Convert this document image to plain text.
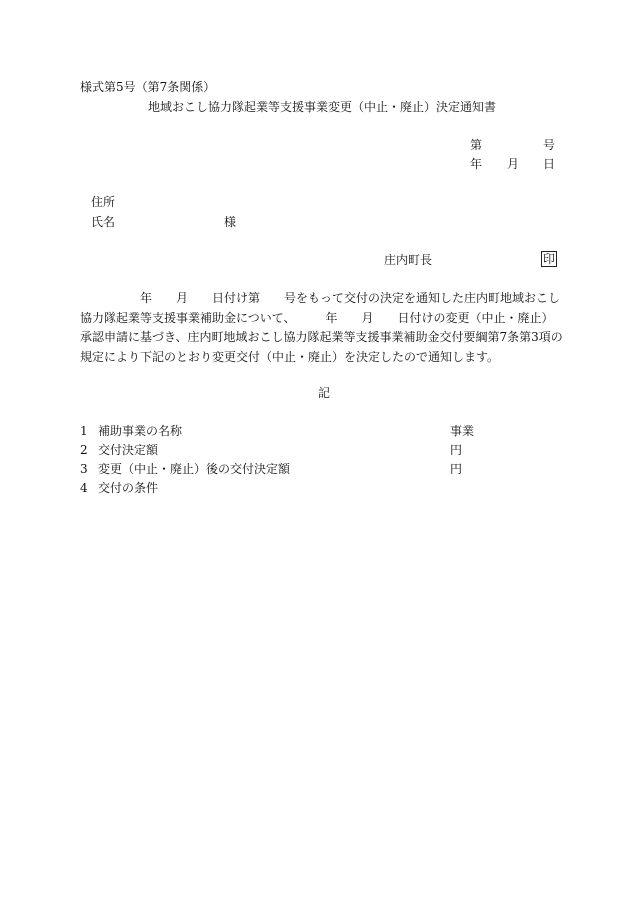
様式第5号（第7条関係）
地域おこし協力隊起業等支援事業変更（中止・廃止）決定通知書
第	号
年 月 日
住所
氏名	様
庄内町長	印
年　　月　　日付け第　　号をもって交付の決定を通知した庄内町地域おこし
協力隊起業等支援事業補助金について、　　　年　　月　　日付けの変更（中止・廃止）
承認申請に基づき、庄内町地域おこし協力隊起業等支援事業補助金交付要綱第7条第3項の
規定により下記のとおり変更交付（中止・廃止）を決定したので通知します。
記
1 補助事業の名称	事業
2 交付決定額	円
3 変更（中止・廃止）後の交付決定額	円
4 交付の条件
